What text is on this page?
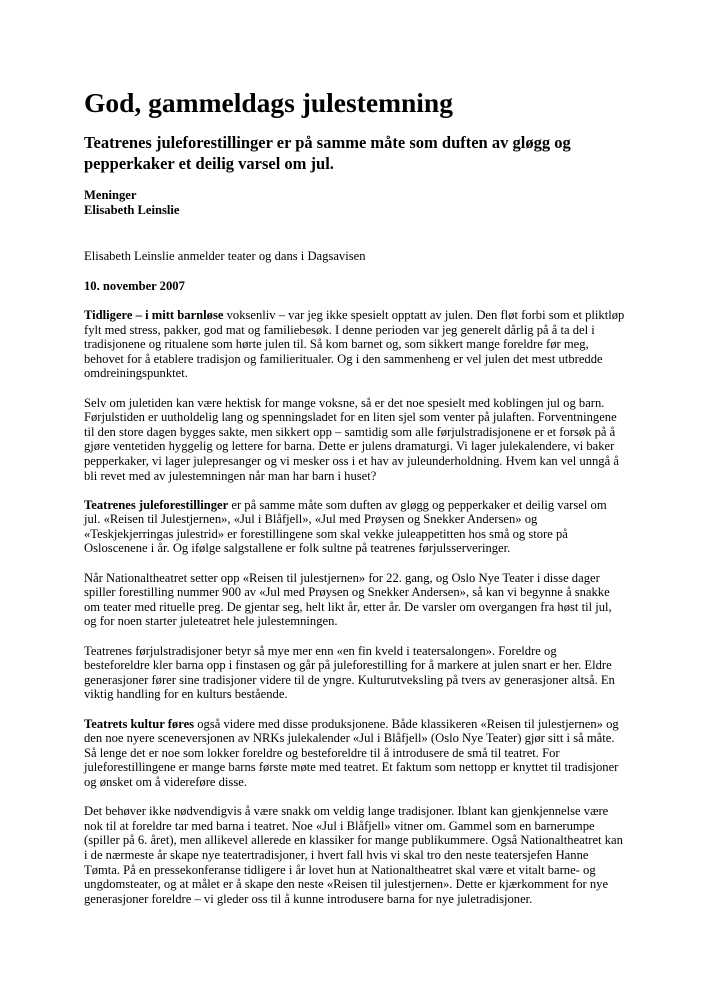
God, gammeldags julestemning
Teatrenes juleforestillinger er på samme måte som duften av gløgg og pepperkaker et deilig varsel om jul.
Meninger
Elisabeth Leinslie
Elisabeth Leinslie anmelder teater og dans i Dagsavisen
10. november 2007

Tidligere – i mitt barnløse voksenliv – var jeg ikke spesielt opptatt av julen. Den fløt forbi som et pliktløp fylt med stress, pakker, god mat og familiebesøk. I denne perioden var jeg generelt dårlig på å ta del i tradisjonene og ritualene som hørte julen til. Så kom barnet og, som sikkert mange foreldre før meg, behovet for å etablere tradisjon og familieritualer. Og i den sammenheng er vel julen det mest utbredde omdreiningspunktet.

Selv om juletiden kan være hektisk for mange voksne, så er det noe spesielt med koblingen jul og barn. Førjulstiden er uutholdelig lang og spenningsladet for en liten sjel som venter på julaften. Forventningene til den store dagen bygges sakte, men sikkert opp – samtidig som alle førjulstradisjonene er et forsøk på å gjøre ventetiden hyggelig og lettere for barna. Dette er julens dramaturgi. Vi lager julekalendere, vi baker pepperkaker, vi lager julepresanger og vi mesker oss i et hav av juleunderholdning. Hvem kan vel unngå å bli revet med av julestemningen når man har barn i huset?

Teatrenes juleforestillinger er på samme måte som duften av gløgg og pepperkaker et deilig varsel om jul. «Reisen til Julestjernen», «Jul i Blåfjell», «Jul med Prøysen og Snekker Andersen» og «Teskjekjerringas julestrid» er forestillingene som skal vekke juleappetitten hos små og store på Osloscenene i år. Og ifølge salgstallene er folk sultne på teatrenes førjulsserveringer.

Når Nationaltheatret setter opp «Reisen til julestjernen» for 22. gang, og Oslo Nye Teater i disse dager spiller forestilling nummer 900 av «Jul med Prøysen og Snekker Andersen», så kan vi begynne å snakke om teater med rituelle preg. De gjentar seg, helt likt år, etter år. De varsler om overgangen fra høst til jul, og for noen starter juleteatret hele julestemningen.

Teatrenes førjulstradisjoner betyr så mye mer enn «en fin kveld i teatersalongen». Foreldre og besteforeldre kler barna opp i finstasen og går på juleforestilling for å markere at julen snart er her. Eldre generasjoner fører sine tradisjoner videre til de yngre. Kulturutveksling på tvers av generasjoner altså. En viktig handling for en kulturs bestående.

Teatrets kultur føres også videre med disse produksjonene. Både klassikeren «Reisen til julestjernen» og den noe nyere sceneversjonen av NRKs julekalender «Jul i Blåfjell» (Oslo Nye Teater) gjør sitt i så måte. Så lenge det er noe som lokker foreldre og besteforeldre til å introdusere de små til teatret. For juleforestillingene er mange barns første møte med teatret. Et faktum som nettopp er knyttet til tradisjoner og ønsket om å videreføre disse.

Det behøver ikke nødvendigvis å være snakk om veldig lange tradisjoner. Iblant kan gjenkjennelse være nok til at foreldre tar med barna i teatret. Noe «Jul i Blåfjell» vitner om. Gammel som en barnerumpe (spiller på 6. året), men allikevel allerede en klassiker for mange publikummere. Også Nationaltheatret kan i de nærmeste år skape nye teatertradisjoner, i hvert fall hvis vi skal tro den neste teatersjefen Hanne Tømta. På en pressekonferanse tidligere i år lovet hun at Nationaltheatret skal være et vitalt barne- og ungdomsteater, og at målet er å skape den neste «Reisen til julestjernen». Dette er kjærkomment for nye generasjoner foreldre – vi gleder oss til å kunne introdusere barna for nye juletradisjoner.
